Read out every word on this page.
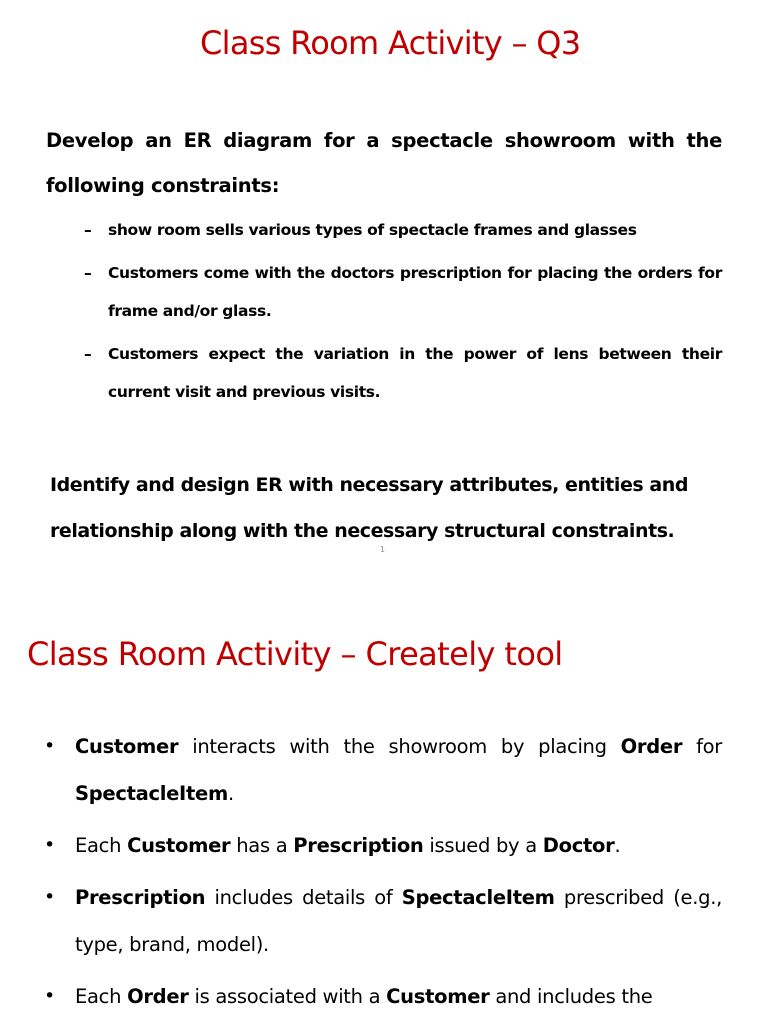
Class Room Activity – Q3

Develop an ER diagram for a spectacle showroom with the following constraints:

–	show room sells various types of spectacle frames and glasses
–	Customers come with the doctors prescription for placing the orders for frame and/or glass.
–	Customers expect the variation in the power of lens between their current visit and previous visits.

Identify and design ER with necessary attributes, entities and relationship along with the necessary structural constraints.

1
Class Room Activity – Creately tool
•	Customer interacts with the showroom by placing Order for SpectacleItem.
•	Each Customer has a Prescription issued by a Doctor.
•	Prescription includes details of SpectacleItem prescribed (e.g., type, brand, model).
•	Each Order is associated with a Customer and includes the
